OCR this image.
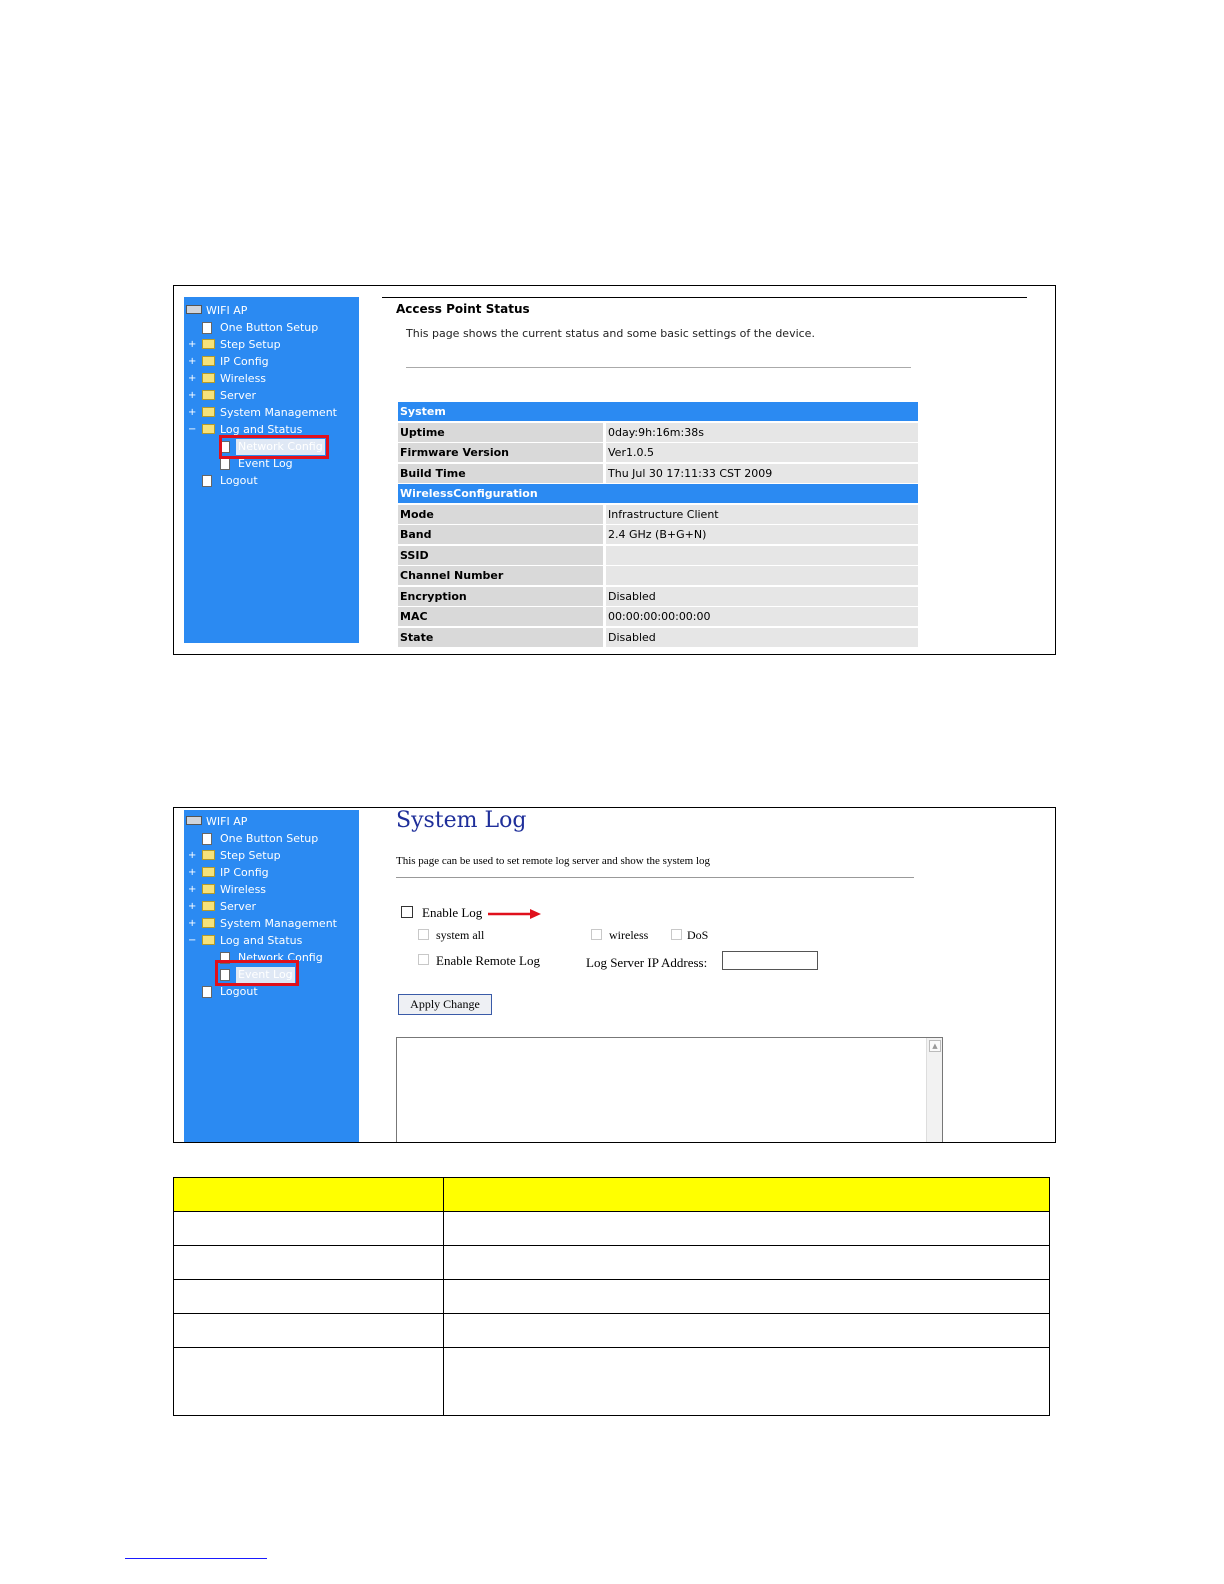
WIFI AP
One Button Setup
+ Step Setup
+ IP Config
+ Wireless
+ Server
+ System Management
− Log and Status
Network Config
Event Log
Logout
Access Point Status
This page shows the current status and some basic settings of the device.
System
Uptime	0day:9h:16m:38s
Firmware Version	Ver1.0.5
Build Time	Thu Jul 30 17:11:33 CST 2009
WirelessConfiguration
Mode	Infrastructure Client
Band	2.4 GHz (B+G+N)
SSID
Channel Number
Encryption	Disabled
MAC	00:00:00:00:00:00
State	Disabled
WIFI AP
One Button Setup
+ Step Setup
+ IP Config
+ Wireless
+ Server
+ System Management
− Log and Status
Network Config
Event Log
Logout
System Log
This page can be used to set remote log server and show the system log
Enable Log
system all	wireless	DoS
Enable Remote Log	Log Server IP Address:
Apply Change
▲
